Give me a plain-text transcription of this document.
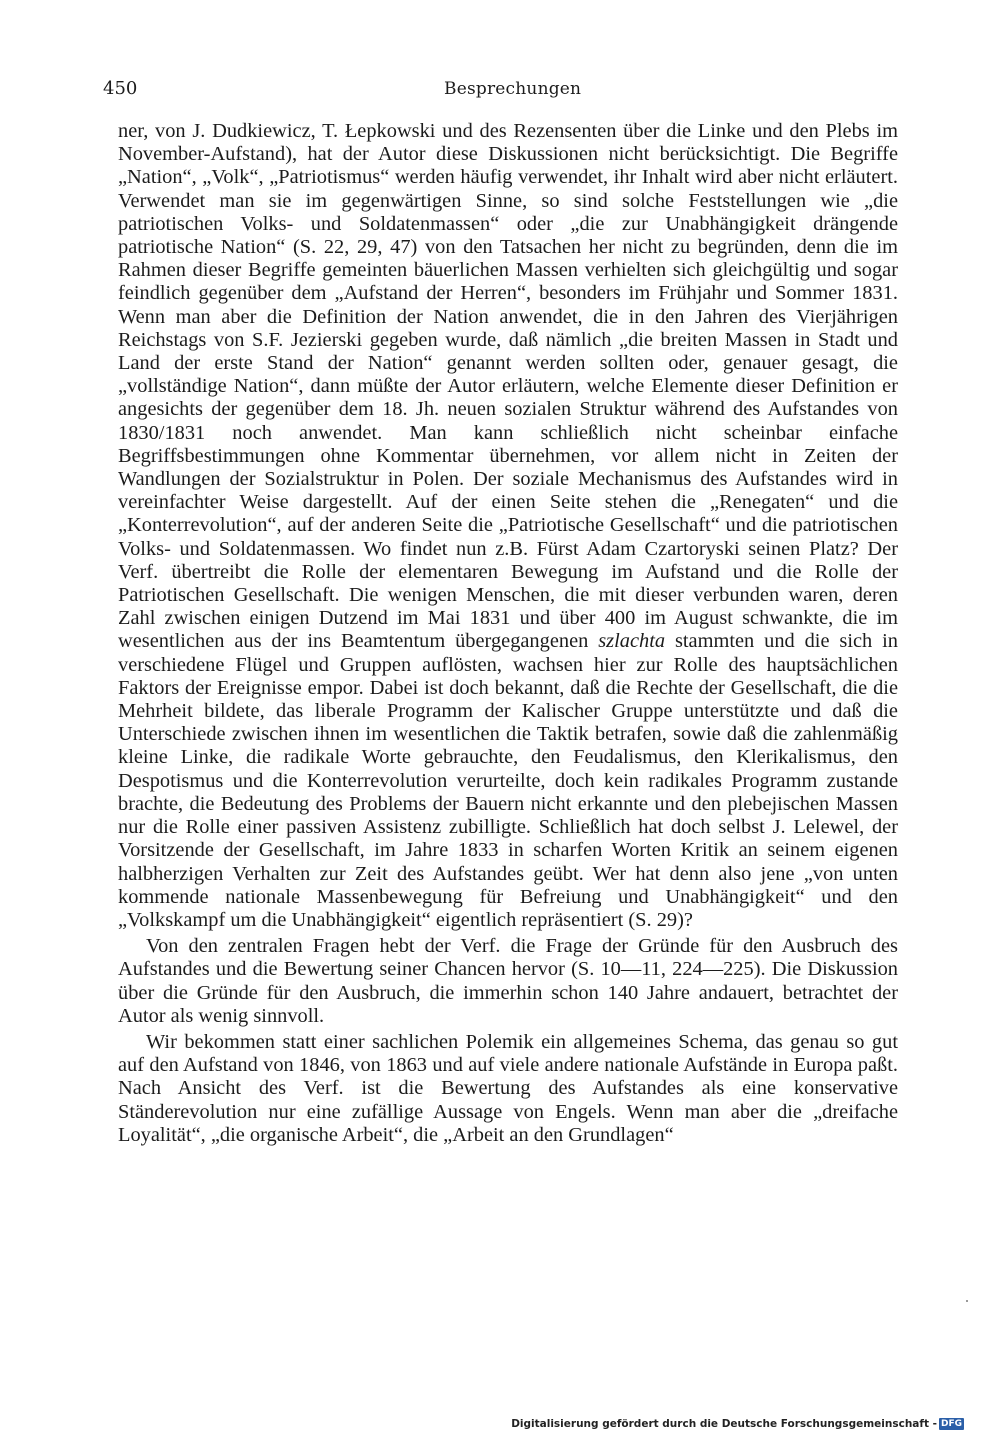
450	Besprechungen

ner, von J. Dudkiewicz, T. Łepkowski und des Rezensenten über die Linke und den Plebs im November-Aufstand), hat der Autor diese Diskussionen nicht berücksichtigt. Die Begriffe „Nation“, „Volk“, „Patriotismus“ werden häufig verwendet, ihr Inhalt wird aber nicht erläutert. Verwendet man sie im gegenwärtigen Sinne, so sind solche Feststellungen wie „die patriotischen Volks- und Soldatenmassen“ oder „die zur Unabhängigkeit drängende patriotische Nation“ (S. 22, 29, 47) von den Tatsachen her nicht zu begründen, denn die im Rahmen dieser Begriffe gemeinten bäuerlichen Massen verhielten sich gleichgültig und sogar feindlich gegenüber dem „Aufstand der Herren“, besonders im Frühjahr und Sommer 1831. Wenn man aber die Definition der Nation anwendet, die in den Jahren des Vierjährigen Reichstags von S.F. Jezierski gegeben wurde, daß nämlich „die breiten Massen in Stadt und Land der erste Stand der Nation“ genannt werden sollten oder, genauer gesagt, die „vollständige Nation“, dann müßte der Autor erläutern, welche Elemente dieser Definition er angesichts der gegenüber dem 18. Jh. neuen sozialen Struktur während des Aufstandes von 1830/1831 noch anwendet. Man kann schließlich nicht scheinbar einfache Begriffsbestimmungen ohne Kommentar übernehmen, vor allem nicht in Zeiten der Wandlungen der Sozialstruktur in Polen. Der soziale Mechanismus des Aufstandes wird in vereinfachter Weise dargestellt. Auf der einen Seite stehen die „Renegaten“ und die „Konterrevolution“, auf der anderen Seite die „Patriotische Gesellschaft“ und die patriotischen Volks- und Soldatenmassen. Wo findet nun z.B. Fürst Adam Czartoryski seinen Platz? Der Verf. übertreibt die Rolle der elementaren Bewegung im Aufstand und die Rolle der Patriotischen Gesellschaft. Die wenigen Menschen, die mit dieser verbunden waren, deren Zahl zwischen einigen Dutzend im Mai 1831 und über 400 im August schwankte, die im wesentlichen aus der ins Beamtentum übergegangenen szlachta stammten und die sich in verschiedene Flügel und Gruppen auflösten, wachsen hier zur Rolle des hauptsächlichen Faktors der Ereignisse empor. Dabei ist doch bekannt, daß die Rechte der Gesellschaft, die die Mehrheit bildete, das liberale Programm der Kalischer Gruppe unterstützte und daß die Unterschiede zwischen ihnen im wesentlichen die Taktik betrafen, sowie daß die zahlenmäßig kleine Linke, die radikale Worte gebrauchte, den Feudalismus, den Klerikalismus, den Despotismus und die Konterrevolution verurteilte, doch kein radikales Programm zustande brachte, die Bedeutung des Problems der Bauern nicht erkannte und den plebejischen Massen nur die Rolle einer passiven Assistenz zubilligte. Schließlich hat doch selbst J. Lelewel, der Vorsitzende der Gesellschaft, im Jahre 1833 in scharfen Worten Kritik an seinem eigenen halbherzigen Verhalten zur Zeit des Aufstandes geübt. Wer hat denn also jene „von unten kommende nationale Massenbewegung für Befreiung und Unabhängigkeit“ und den „Volkskampf um die Unabhängigkeit“ eigentlich repräsentiert (S. 29)?

Von den zentralen Fragen hebt der Verf. die Frage der Gründe für den Ausbruch des Aufstandes und die Bewertung seiner Chancen hervor (S. 10—11, 224—225). Die Diskussion über die Gründe für den Ausbruch, die immerhin schon 140 Jahre andauert, betrachtet der Autor als wenig sinnvoll.

Wir bekommen statt einer sachlichen Polemik ein allgemeines Schema, das genau so gut auf den Aufstand von 1846, von 1863 und auf viele andere nationale Aufstände in Europa paßt. Nach Ansicht des Verf. ist die Bewertung des Aufstandes als eine konservative Ständerevolution nur eine zufällige Aussage von Engels. Wenn man aber die „dreifache Loyalität“, „die organische Arbeit“, die „Arbeit an den Grundlagen“

Digitalisierung gefördert durch die Deutsche Forschungsgemeinschaft - DFG
